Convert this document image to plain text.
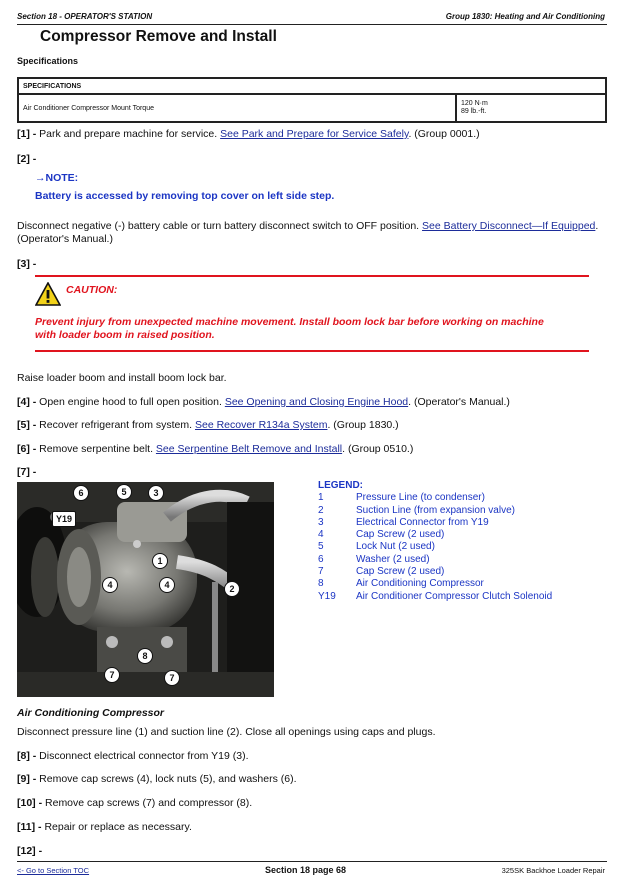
Section 18 - OPERATOR'S STATION	Group 1830: Heating and Air Conditioning
Compressor Remove and Install
Specifications
SPECIFICATIONS
Air Conditioner Compressor Mount Torque	
120 N·m
89 lb.-ft.
[1] - Park and prepare machine for service. See Park and Prepare for Service Safely. (Group 0001.)
[2] -
→NOTE:
Battery is accessed by removing top cover on left side step.
Disconnect negative (-) battery cable or turn battery disconnect switch to OFF position. See Battery Disconnect—If Equipped.
(Operator's Manual.)
[3] -
CAUTION:
Prevent injury from unexpected machine movement. Install boom lock bar before working on machine
with loader boom in raised position.
Raise loader boom and install boom lock bar.
[4] - Open engine hood to full open position. See Opening and Closing Engine Hood. (Operator's Manual.)
[5] - Recover refrigerant from system. See Recover R134a System. (Group 1830.)
[6] - Remove serpentine belt. See Serpentine Belt Remove and Install. (Group 0510.)
[7] -
6	5	3
Y19
1
4	4	2
8
7	7
LEGEND:
1	Pressure Line (to condenser)
2	Suction Line (from expansion valve)
3	Electrical Connector from Y19
4	Cap Screw (2 used)
5	Lock Nut (2 used)
6	Washer (2 used)
7	Cap Screw (2 used)
8	Air Conditioning Compressor
Y19 Air Conditioner Compressor Clutch Solenoid
Air Conditioning Compressor
Disconnect pressure line (1) and suction line (2). Close all openings using caps and plugs.
[8] - Disconnect electrical connector from Y19 (3).
[9] - Remove cap screws (4), lock nuts (5), and washers (6).
[10] - Remove cap screws (7) and compressor (8).
[11] - Repair or replace as necessary.
[12] -
<- Go to Section TOC	Section 18 page 68	325SK Backhoe Loader Repair
